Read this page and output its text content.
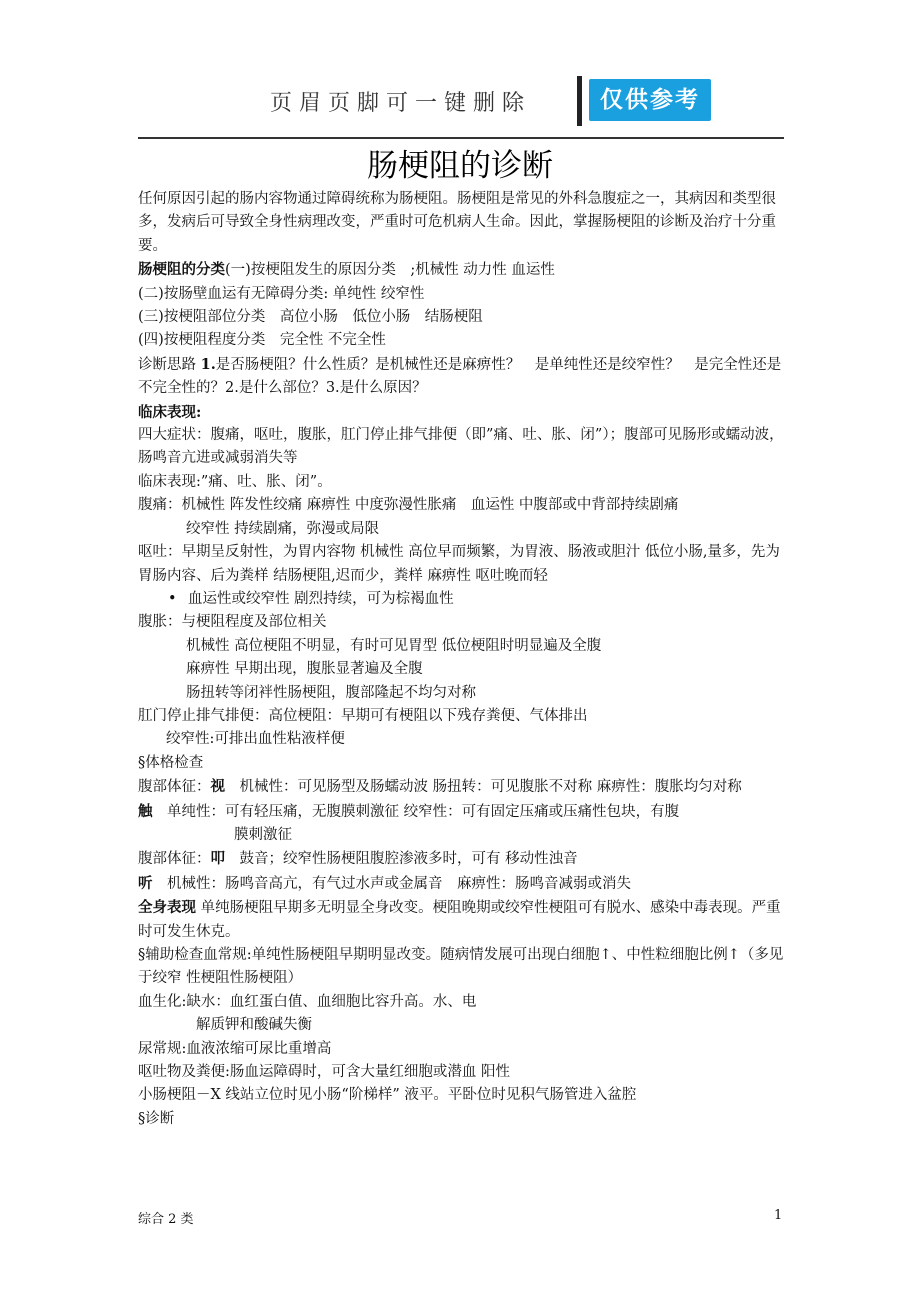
页眉页脚可一键删除	仅供参考
肠梗阻的诊断

任何原因引起的肠内容物通过障碍统称为肠梗阻。肠梗阻是常见的外科急腹症之一，其病因和类型很多，发病后可导致全身性病理改变，严重时可危机病人生命。因此，掌握肠梗阻的诊断及治疗十分重要。

肠梗阻的分类(一)按梗阻发生的原因分类　;机械性 动力性 血运性

(二)按肠壁血运有无障碍分类: 单纯性 绞窄性

(三)按梗阻部位分类　高位小肠　低位小肠　结肠梗阻

(四)按梗阻程度分类　完全性 不完全性

诊断思路 1.是否肠梗阻？什么性质？是机械性还是麻痹性？　是单纯性还是绞窄性？　是完全性还是不完全性的？2.是什么部位？3.是什么原因？

临床表现:

四大症状：腹痛，呕吐，腹胀，肛门停止排气排便（即”痛、吐、胀、闭”）；腹部可见肠形或蠕动波，肠鸣音亢进或减弱消失等

临床表现:”痛、吐、胀、闭”。

腹痛：机械性 阵发性绞痛 麻痹性 中度弥漫性胀痛　血运性 中腹部或中背部持续剧痛

绞窄性 持续剧痛，弥漫或局限

呕吐：早期呈反射性，为胃内容物 机械性 高位早而频繁，为胃液、肠液或胆汁 低位小肠,量多，先为胃肠内容、后为粪样 结肠梗阻,迟而少，粪样 麻痹性 呕吐晚而轻

• 血运性或绞窄性 剧烈持续，可为棕褐血性

腹胀：与梗阻程度及部位相关

机械性 高位梗阻不明显，有时可见胃型 低位梗阻时明显遍及全腹

麻痹性 早期出现，腹胀显著遍及全腹

肠扭转等闭袢性肠梗阻，腹部隆起不均匀对称

肛门停止排气排便：高位梗阻：早期可有梗阻以下残存粪便、气体排出

绞窄性:可排出血性粘液样便

§体格检查

腹部体征：视　机械性：可见肠型及肠蠕动波 肠扭转：可见腹胀不对称 麻痹性：腹胀均匀对称

触　单纯性：可有轻压痛，无腹膜刺激征 绞窄性：可有固定压痛或压痛性包块，有腹

膜刺激征

腹部体征：叩　鼓音；绞窄性肠梗阻腹腔渗液多时，可有 移动性浊音

听　机械性：肠鸣音高亢，有气过水声或金属音　麻痹性：肠鸣音减弱或消失

全身表现 单纯肠梗阻早期多无明显全身改变。梗阻晚期或绞窄性梗阻可有脱水、感染中毒表现。严重时可发生休克。

§辅助检查血常规:单纯性肠梗阻早期明显改变。随病情发展可出现白细胞↑、中性粒细胞比例↑（多见于绞窄 性梗阻性肠梗阻）

血生化:缺水：血红蛋白值、血细胞比容升高。水、电

解质钾和酸碱失衡

尿常规:血液浓缩可尿比重增高

呕吐物及粪便:肠血运障碍时，可含大量红细胞或潜血 阳性

小肠梗阻－X 线站立位时见小肠“阶梯样” 液平。平卧位时见积气肠管进入盆腔

§诊断

综合 2 类	1
